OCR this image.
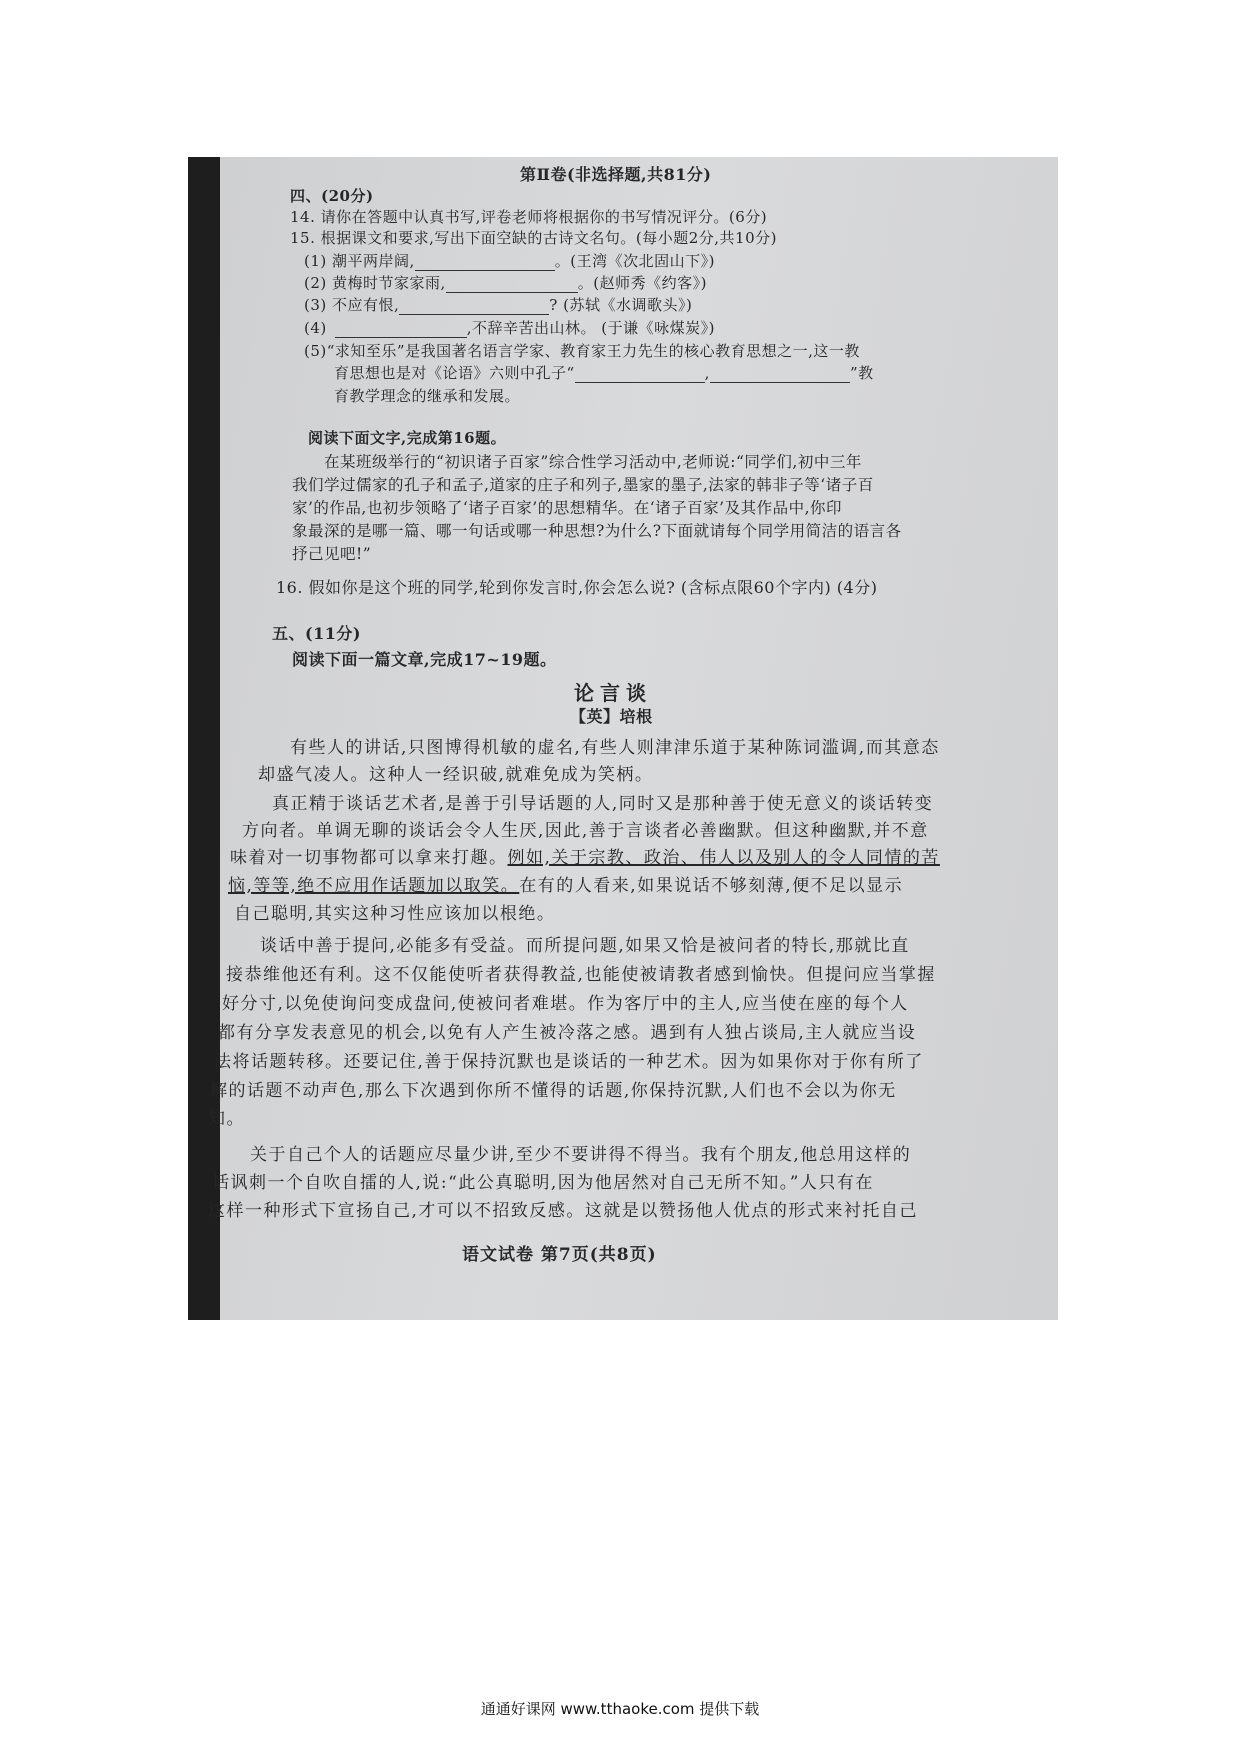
第Ⅱ卷(非选择题,共81分)
四、(20分)
14. 请你在答题中认真书写,评卷老师将根据你的书写情况评分。(6分)
15. 根据课文和要求,写出下面空缺的古诗文名句。(每小题2分,共10分)
(1) 潮平两岸阔,	。(王湾《次北固山下》)
(2) 黄梅时节家家雨,	。(赵师秀《约客》)
(3) 不应有恨,	? (苏轼《水调歌头》)
(4)	,不辞辛苦出山林。 (于谦《咏煤炭》)
(5)“求知至乐”是我国著名语言学家、教育家王力先生的核心教育思想之一,这一教
育思想也是对《论语》六则中孔子“	,	”教
育教学理念的继承和发展。
阅读下面文字,完成第16题。
在某班级举行的“初识诸子百家”综合性学习活动中,老师说:“同学们,初中三年
我们学过儒家的孔子和孟子,道家的庄子和列子,墨家的墨子,法家的韩非子等‘诸子百
家’的作品,也初步领略了‘诸子百家’的思想精华。在‘诸子百家’及其作品中,你印
象最深的是哪一篇、哪一句话或哪一种思想?为什么?下面就请每个同学用简洁的语言各
抒己见吧!”
16. 假如你是这个班的同学,轮到你发言时,你会怎么说? (含标点限60个字内) (4分)
五、(11分)
阅读下面一篇文章,完成17~19题。
论言谈
【英】培根
有些人的讲话,只图博得机敏的虚名,有些人则津津乐道于某种陈词滥调,而其意态
却盛气凌人。这种人一经识破,就难免成为笑柄。
真正精于谈话艺术者,是善于引导话题的人,同时又是那种善于使无意义的谈话转变
方向者。单调无聊的谈话会令人生厌,因此,善于言谈者必善幽默。但这种幽默,并不意
味着对一切事物都可以拿来打趣。例如,关于宗教、政治、伟人以及别人的令人同情的苦
恼,等等,绝不应用作话题加以取笑。在有的人看来,如果说话不够刻薄,便不足以显示
自己聪明,其实这种习性应该加以根绝。
谈话中善于提问,必能多有受益。而所提问题,如果又恰是被问者的特长,那就比直
接恭维他还有利。这不仅能使听者获得教益,也能使被请教者感到愉快。但提问应当掌握
好分寸,以免使询问变成盘问,使被问者难堪。作为客厅中的主人,应当使在座的每个人
都有分享发表意见的机会,以免有人产生被冷落之感。遇到有人独占谈局,主人就应当设
法将话题转移。还要记住,善于保持沉默也是谈话的一种艺术。因为如果你对于你有所了
解的话题不动声色,那么下次遇到你所不懂得的话题,你保持沉默,人们也不会以为你无
知。
关于自己个人的话题应尽量少讲,至少不要讲得不得当。我有个朋友,他总用这样的
话讽刺一个自吹自擂的人,说:“此公真聪明,因为他居然对自己无所不知。”人只有在
这样一种形式下宣扬自己,才可以不招致反感。这就是以赞扬他人优点的形式来衬托自己
语文试卷 第7页(共8页)
通通好课网 www.tthaoke.com 提供下载
